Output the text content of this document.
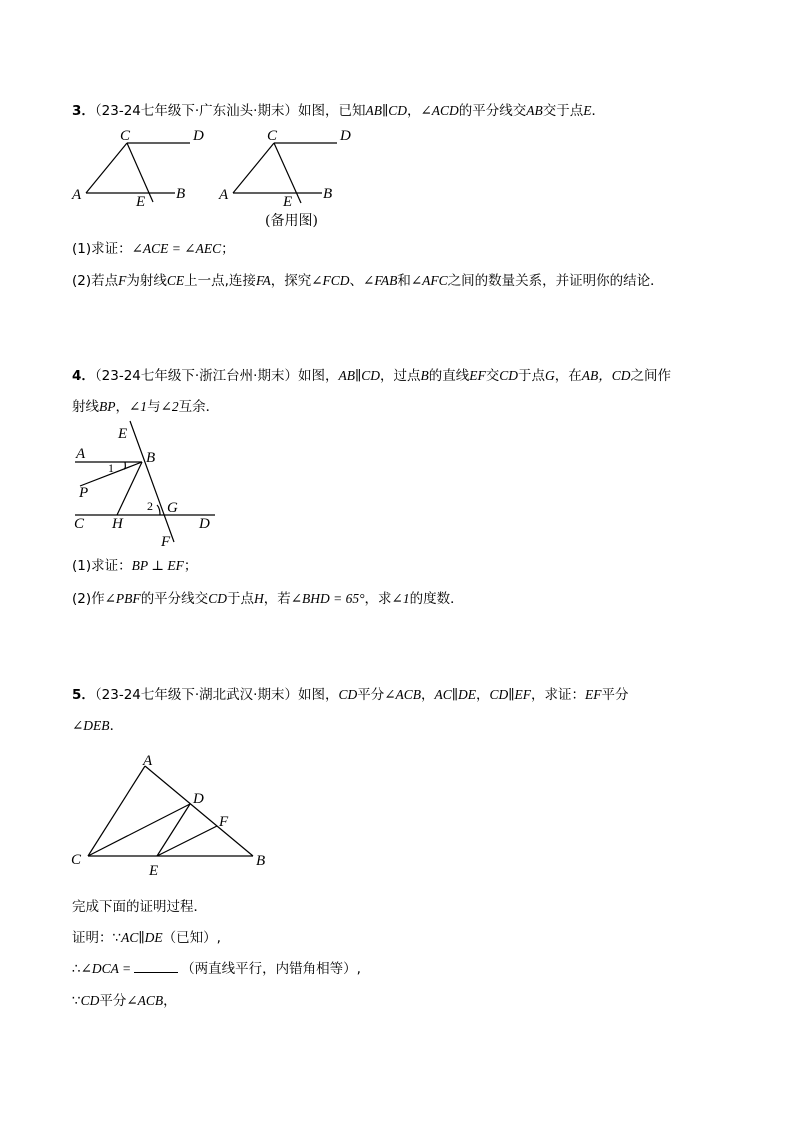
3．（23-24七年级下·广东汕头·期末）如图，已知AB∥CD，∠ACD的平分线交AB交于点E．
C	D
A	B
E
C	D
A	B
E
(备用图)
(1)求证：∠ACE = ∠AEC；
(2)若点F为射线CE上一点,连接FA，探究∠FCD、∠FAB和∠AFC之间的数量关系，并证明你的结论．
4．（23-24七年级下·浙江台州·期末）如图，AB∥CD，过点B的直线EF交CD于点G，在AB，CD之间作
射线BP，∠1与∠2互余．
E
A	B
1
P
2 G
C H	D
F
(1)求证：BP ⊥ EF；
(2)作∠PBF的平分线交CD于点H，若∠BHD = 65°，求∠1的度数．
5．（23-24七年级下·湖北武汉·期末）如图，CD平分∠ACB，AC∥DE，CD∥EF，求证：EF平分
∠DEB．
A
D
F
C
E
B
完成下面的证明过程．
证明：∵AC∥DE（已知）,
∴∠DCA =	（两直线平行，内错角相等）,
∵CD平分∠ACB，
